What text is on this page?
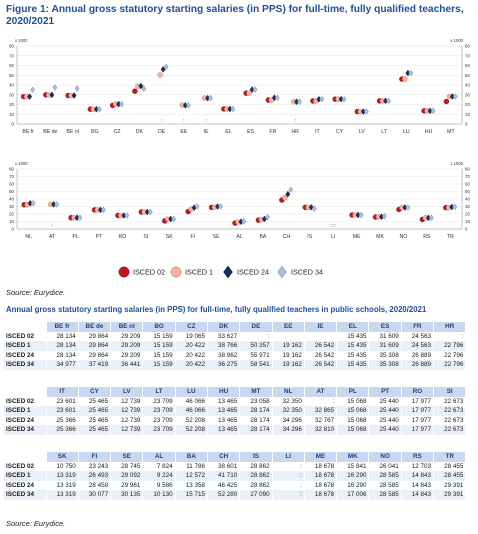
Figure 1: Annual gross statutory starting salaries (in PPS) for full-time, fully qualified teachers, 2020/2021
0	0
10	10
20	20
30	30
40	40
50	50
60	60
70	70
80	80
x 1000	x 1000
BE fr BE de BE nl BG	CZ	DK	DE
:
EE
:
IE
:
EL	ES	FR	HR
:
IT	CY	LV	LT	LU	HU	MT
0	0
10	10
20	20
30	30
40	40
50	50
60	60
70	70
80	80
x 1000	x 1000
NL	AT
:
PL	PT	RO	SI	SK	FI	SE	AL	BA	CH	IS	LI
::::
ME	MK	NO	RS	TR
ISCED 02	ISCED 1	ISCED 24	ISCED 34
Source: Eurydice.
Annual gross statutory starting salaries (in PPS) for full-time, fully qualified teachers in public schools, 2020/2021
	BE fr	BE de	BE nl	BG	CZ	DK	DE	EE	IE	EL	ES	FR	HR
ISCED 02	28 134	29 864	29 209	15 159	19 065	33 627	:			15 435	31 609	24 563	:
ISCED 1	28 134	29 864	29 209	15 159	20 422	38 766	50 357	19 162	26 542	15 435	31 609	24 563	22 796
ISCED 24	28 134	29 864	29 209	15 159	20 422	38 962	55 971	19 162	26 542	15 435	35 308	26 889	22 796
ISCED 34	34 977	37 419	36 441	15 159	20 422	36 275	58 541	19 162	26 542	15 435	35 308	26 889	22 796
	IT	CY	LV	LT	LU	HU	MT	NL	AT	PL	PT	RO	SI
ISCED 02	23 601	25 465	12 739	23 709	46 066	13 465	23 058	32 350	:	15 068	25 440	17 977	22 673
ISCED 1	23 601	25 465	12 739	23 709	46 066	13 465	28 174	32 350	32 865	15 068	25 440	17 977	22 673
ISCED 24	25 366	25 465	12 739	23 709	52 208	13 465	28 174	34 296	32 767	15 068	25 440	17 977	22 673
ISCED 34	25 366	25 465	12 739	23 709	52 208	13 465	28 174	34 296	32 810	15 068	25 440	17 977	22 673
	SK	FI	SE	AL	BA	CH	IS	LI	ME	MK	NO	RS	TR
ISCED 02	10 750	23 243	28 745	7 824	11 786	38 601	28 862	:	18 678	15 841	26 041	12 703	28 455
ISCED 1	13 319	26 493	29 092	9 224	12 572	41 710	28 862	:	18 678	16 290	28 585	14 843	28 455
ISCED 24	13 319	28 458	29 961	9 586	13 358	46 425	28 862	:	18 678	16 290	28 585	14 843	29 391
ISCED 34	13 319	30 077	30 135	10 130	15 715	52 280	27 090	:	18 678	17 006	28 585	14 843	29 391
Source: Eurydice.
